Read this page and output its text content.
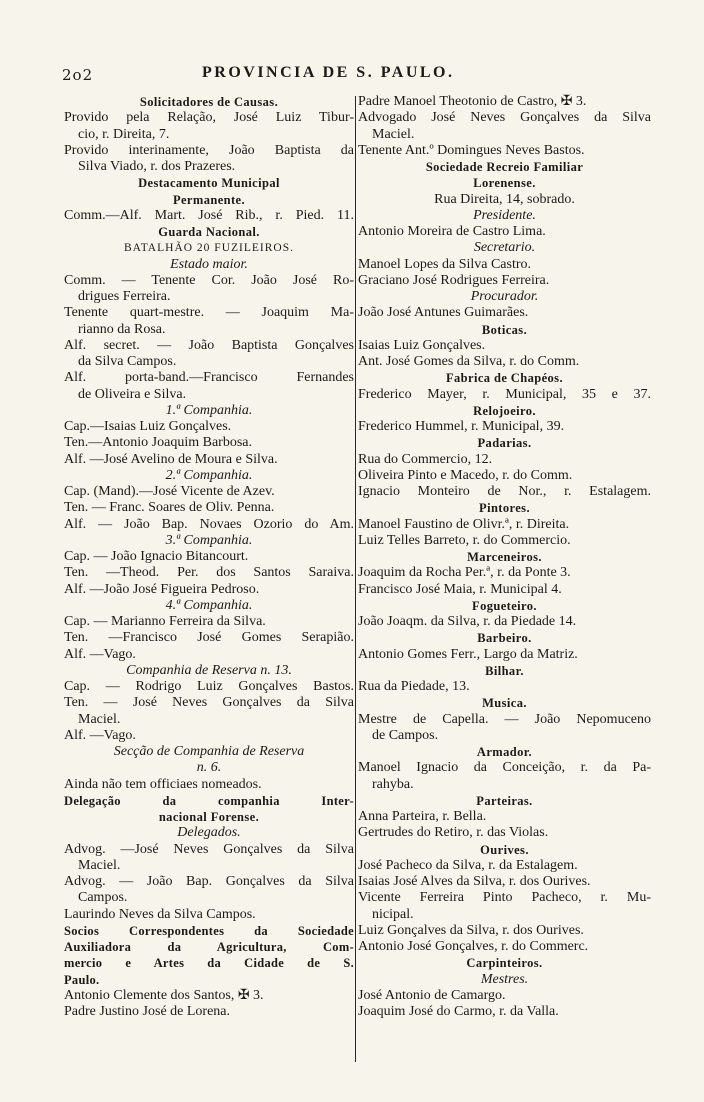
2o2	PROVINCIA DE S. PAULO.
Solicitadores de Causas.
Provido pela Relação, José Luiz Tibur-
cio, r. Direita, 7.
Provido interinamente, João Baptista da
Silva Viado, r. dos Prazeres.
Destacamento Municipal
Permanente.
Comm.—Alf. Mart. José Rib., r. Pied. 11.
Guarda Nacional.
BATALHÃO 20 FUZILEIROS.
Estado maior.
Comm. — Tenente Cor. João José Ro-
drigues Ferreira.
Tenente quart-mestre. — Joaquim Ma-
rianno da Rosa.
Alf. secret. — João Baptista Gonçalves
da Silva Campos.
Alf. porta-band.—Francisco Fernandes
de Oliveira e Silva.
1.ª Companhia.
Cap.—Isaias Luiz Gonçalves.
Ten.—Antonio Joaquim Barbosa.
Alf. —José Avelino de Moura e Silva.
2.ª Companhia.
Cap. (Mand).—José Vicente de Azev.
Ten. — Franc. Soares de Oliv. Penna.
Alf. — João Bap. Novaes Ozorio do Am.
3.ª Companhia.
Cap. — João Ignacio Bitancourt.
Ten. —Theod. Per. dos Santos Saraiva.
Alf. —João José Figueira Pedroso.
4.ª Companhia.
Cap. — Marianno Ferreira da Silva.
Ten. —Francisco José Gomes Serapião.
Alf. —Vago.
Companhia de Reserva n. 13.
Cap. — Rodrigo Luiz Gonçalves Bastos.
Ten. — José Neves Gonçalves da Silva
Maciel.
Alf. —Vago.
Secção de Companhia de Reserva
n. 6.
Ainda não tem officiaes nomeados.
Delegação da companhia Inter-
nacional Forense.
Delegados.
Advog. —José Neves Gonçalves da Silva
Maciel.
Advog. — João Bap. Gonçalves da Silva
Campos.
Laurindo Neves da Silva Campos.
Socios Correspondentes da Sociedade
Auxiliadora da Agricultura, Com-
mercio e Artes da Cidade de S.
Paulo.
Antonio Clemente dos Santos, ✠ 3.
Padre Justino José de Lorena.
Padre Manoel Theotonio de Castro, ✠ 3.
Advogado José Neves Gonçalves da Silva
Maciel.
Tenente Ant.º Domingues Neves Bastos.
Sociedade Recreio Familiar
Lorenense.
Rua Direita, 14, sobrado.
Presidente.
Antonio Moreira de Castro Lima.
Secretario.
Manoel Lopes da Silva Castro.
Graciano José Rodrigues Ferreira.
Procurador.
João José Antunes Guimarães.
Boticas.
Isaias Luiz Gonçalves.
Ant. José Gomes da Silva, r. do Comm.
Fabrica de Chapéos.
Frederico Mayer, r. Municipal, 35 e 37.
Relojoeiro.
Frederico Hummel, r. Municipal, 39.
Padarias.
Rua do Commercio, 12.
Oliveira Pinto e Macedo, r. do Comm.
Ignacio Monteiro de Nor., r. Estalagem.
Pintores.
Manoel Faustino de Olivr.ª, r. Direita.
Luiz Telles Barreto, r. do Commercio.
Marceneiros.
Joaquim da Rocha Per.ª, r. da Ponte 3.
Francisco José Maia, r. Municipal 4.
Fogueteiro.
João Joaqm. da Silva, r. da Piedade 14.
Barbeiro.
Antonio Gomes Ferr., Largo da Matriz.
Bilhar.
Rua da Piedade, 13.
Musica.
Mestre de Capella. — João Nepomuceno
de Campos.
Armador.
Manoel Ignacio da Conceição, r. da Pa-
rahyba.
Parteiras.
Anna Parteira, r. Bella.
Gertrudes do Retiro, r. das Violas.
Ourives.
José Pacheco da Silva, r. da Estalagem.
Isaias José Alves da Silva, r. dos Ourives.
Vicente Ferreira Pinto Pacheco, r. Mu-
nicipal.
Luiz Gonçalves da Silva, r. dos Ourives.
Antonio José Gonçalves, r. do Commerc.
Carpinteiros.
Mestres.
José Antonio de Camargo.
Joaquim José do Carmo, r. da Valla.
